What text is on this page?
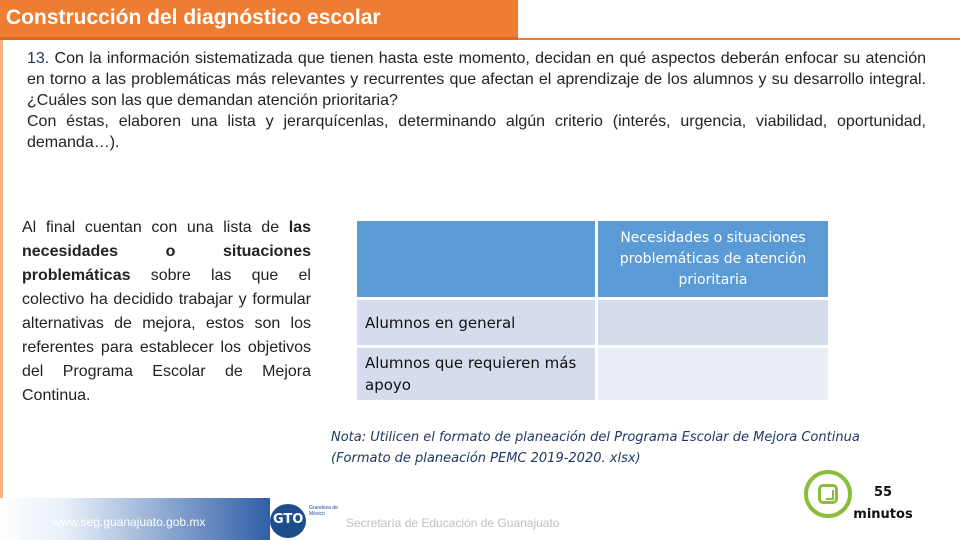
Construcción del diagnóstico escolar

13. Con la información sistematizada que tienen hasta este momento, decidan en qué aspectos deberán enfocar su atención en torno a las problemáticas más relevantes y recurrentes que afectan el aprendizaje de los alumnos y su desarrollo integral. ¿Cuáles son las que demandan atención prioritaria?

Con éstas, elaboren una lista y jerarquícenlas, determinando algún criterio (interés, urgencia, viabilidad, oportunidad, demanda…).

Al final cuentan con una lista de las necesidades o situaciones problemáticas sobre las que el colectivo ha decidido trabajar y formular alternativas de mejora, estos son los referentes para establecer los objetivos del Programa Escolar de Mejora Continua.
	Necesidades o situaciones problemáticas de atención prioritaria
Alumnos en general	
Alumnos que requieren más apoyo	
Nota: Utilicen el formato de planeación del Programa Escolar de Mejora Continua (Formato de planeación PEMC 2019-2020. xlsx)
www.seg.guanajuato.gob.mx	GTO
Grandeza de México
Secretaría de Educación de Guanajuato
55
minutos
